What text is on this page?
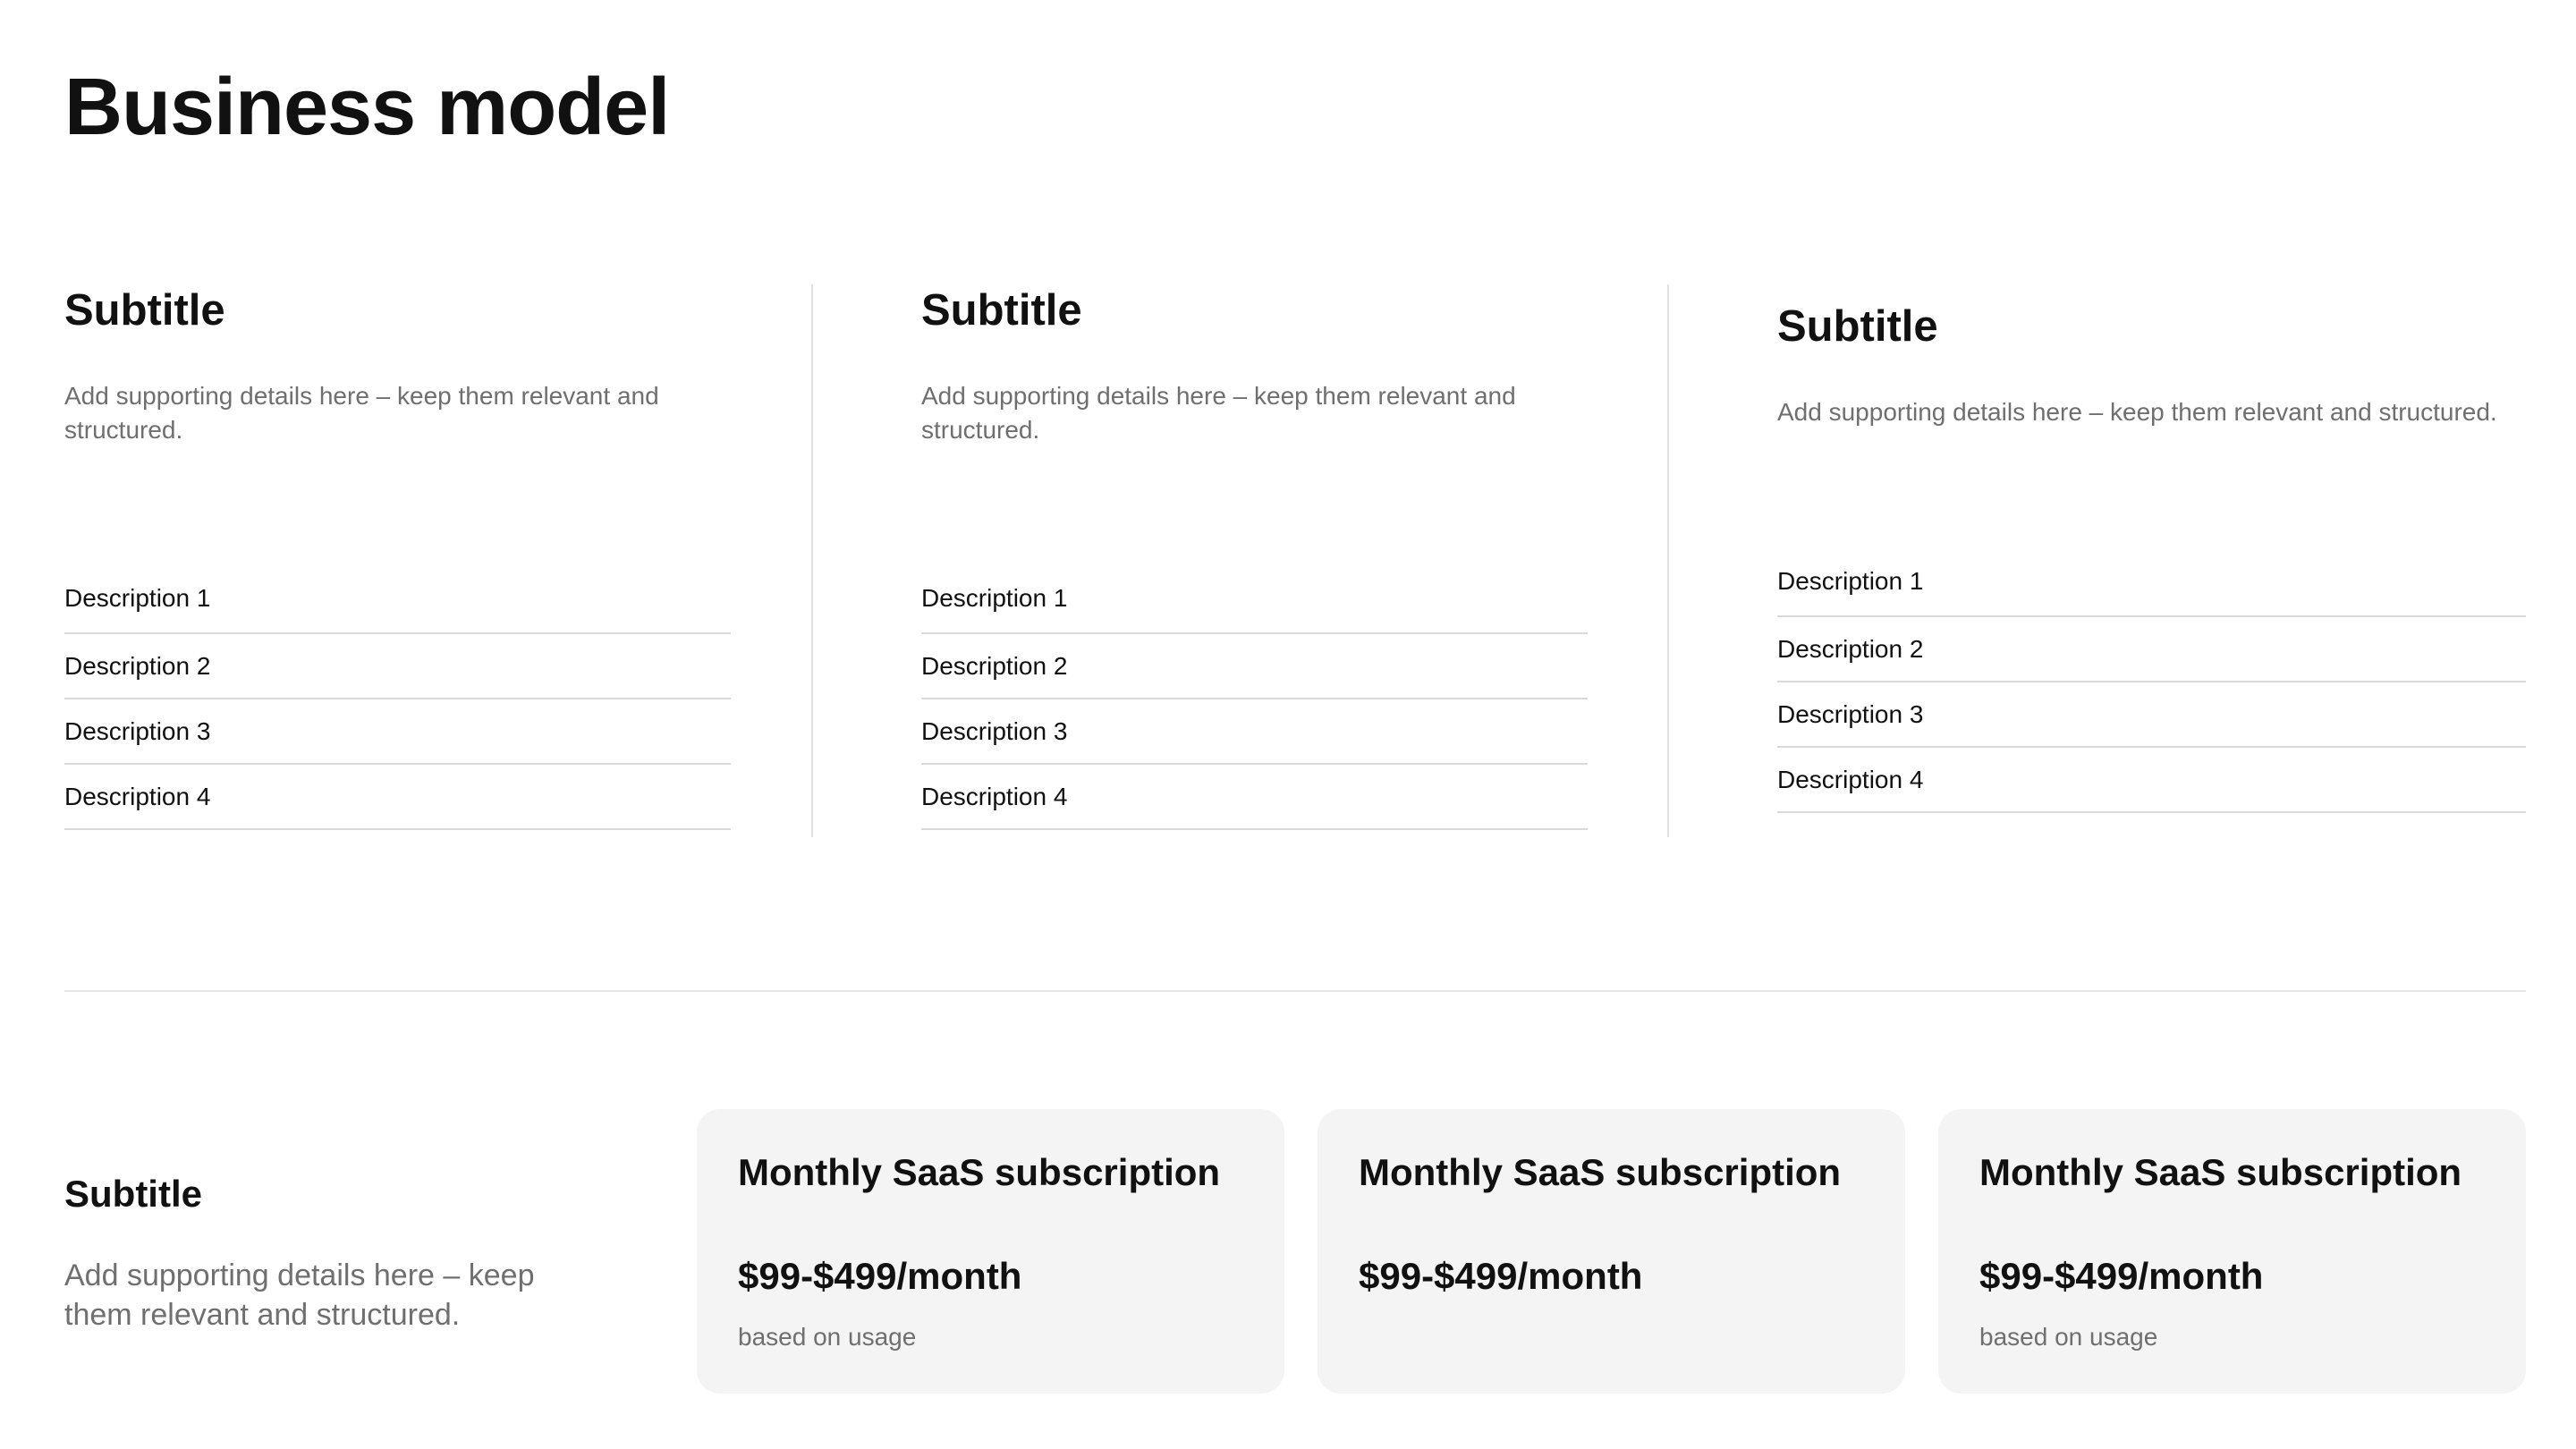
Business model
Subtitle

Add supporting details here – keep them relevant and structured.

Description 1
Description 2
Description 3
Description 4
Subtitle

Add supporting details here – keep them relevant and structured.

Description 1
Description 2
Description 3
Description 4
Subtitle

Add supporting details here – keep them relevant and structured.

Description 1
Description 2
Description 3
Description 4
Subtitle

Add supporting details here – keep them relevant and structured.

Monthly SaaS subscription
$99-$499/month
based on usage
Monthly SaaS subscription
$99-$499/month
Monthly SaaS subscription
$99-$499/month
based on usage
